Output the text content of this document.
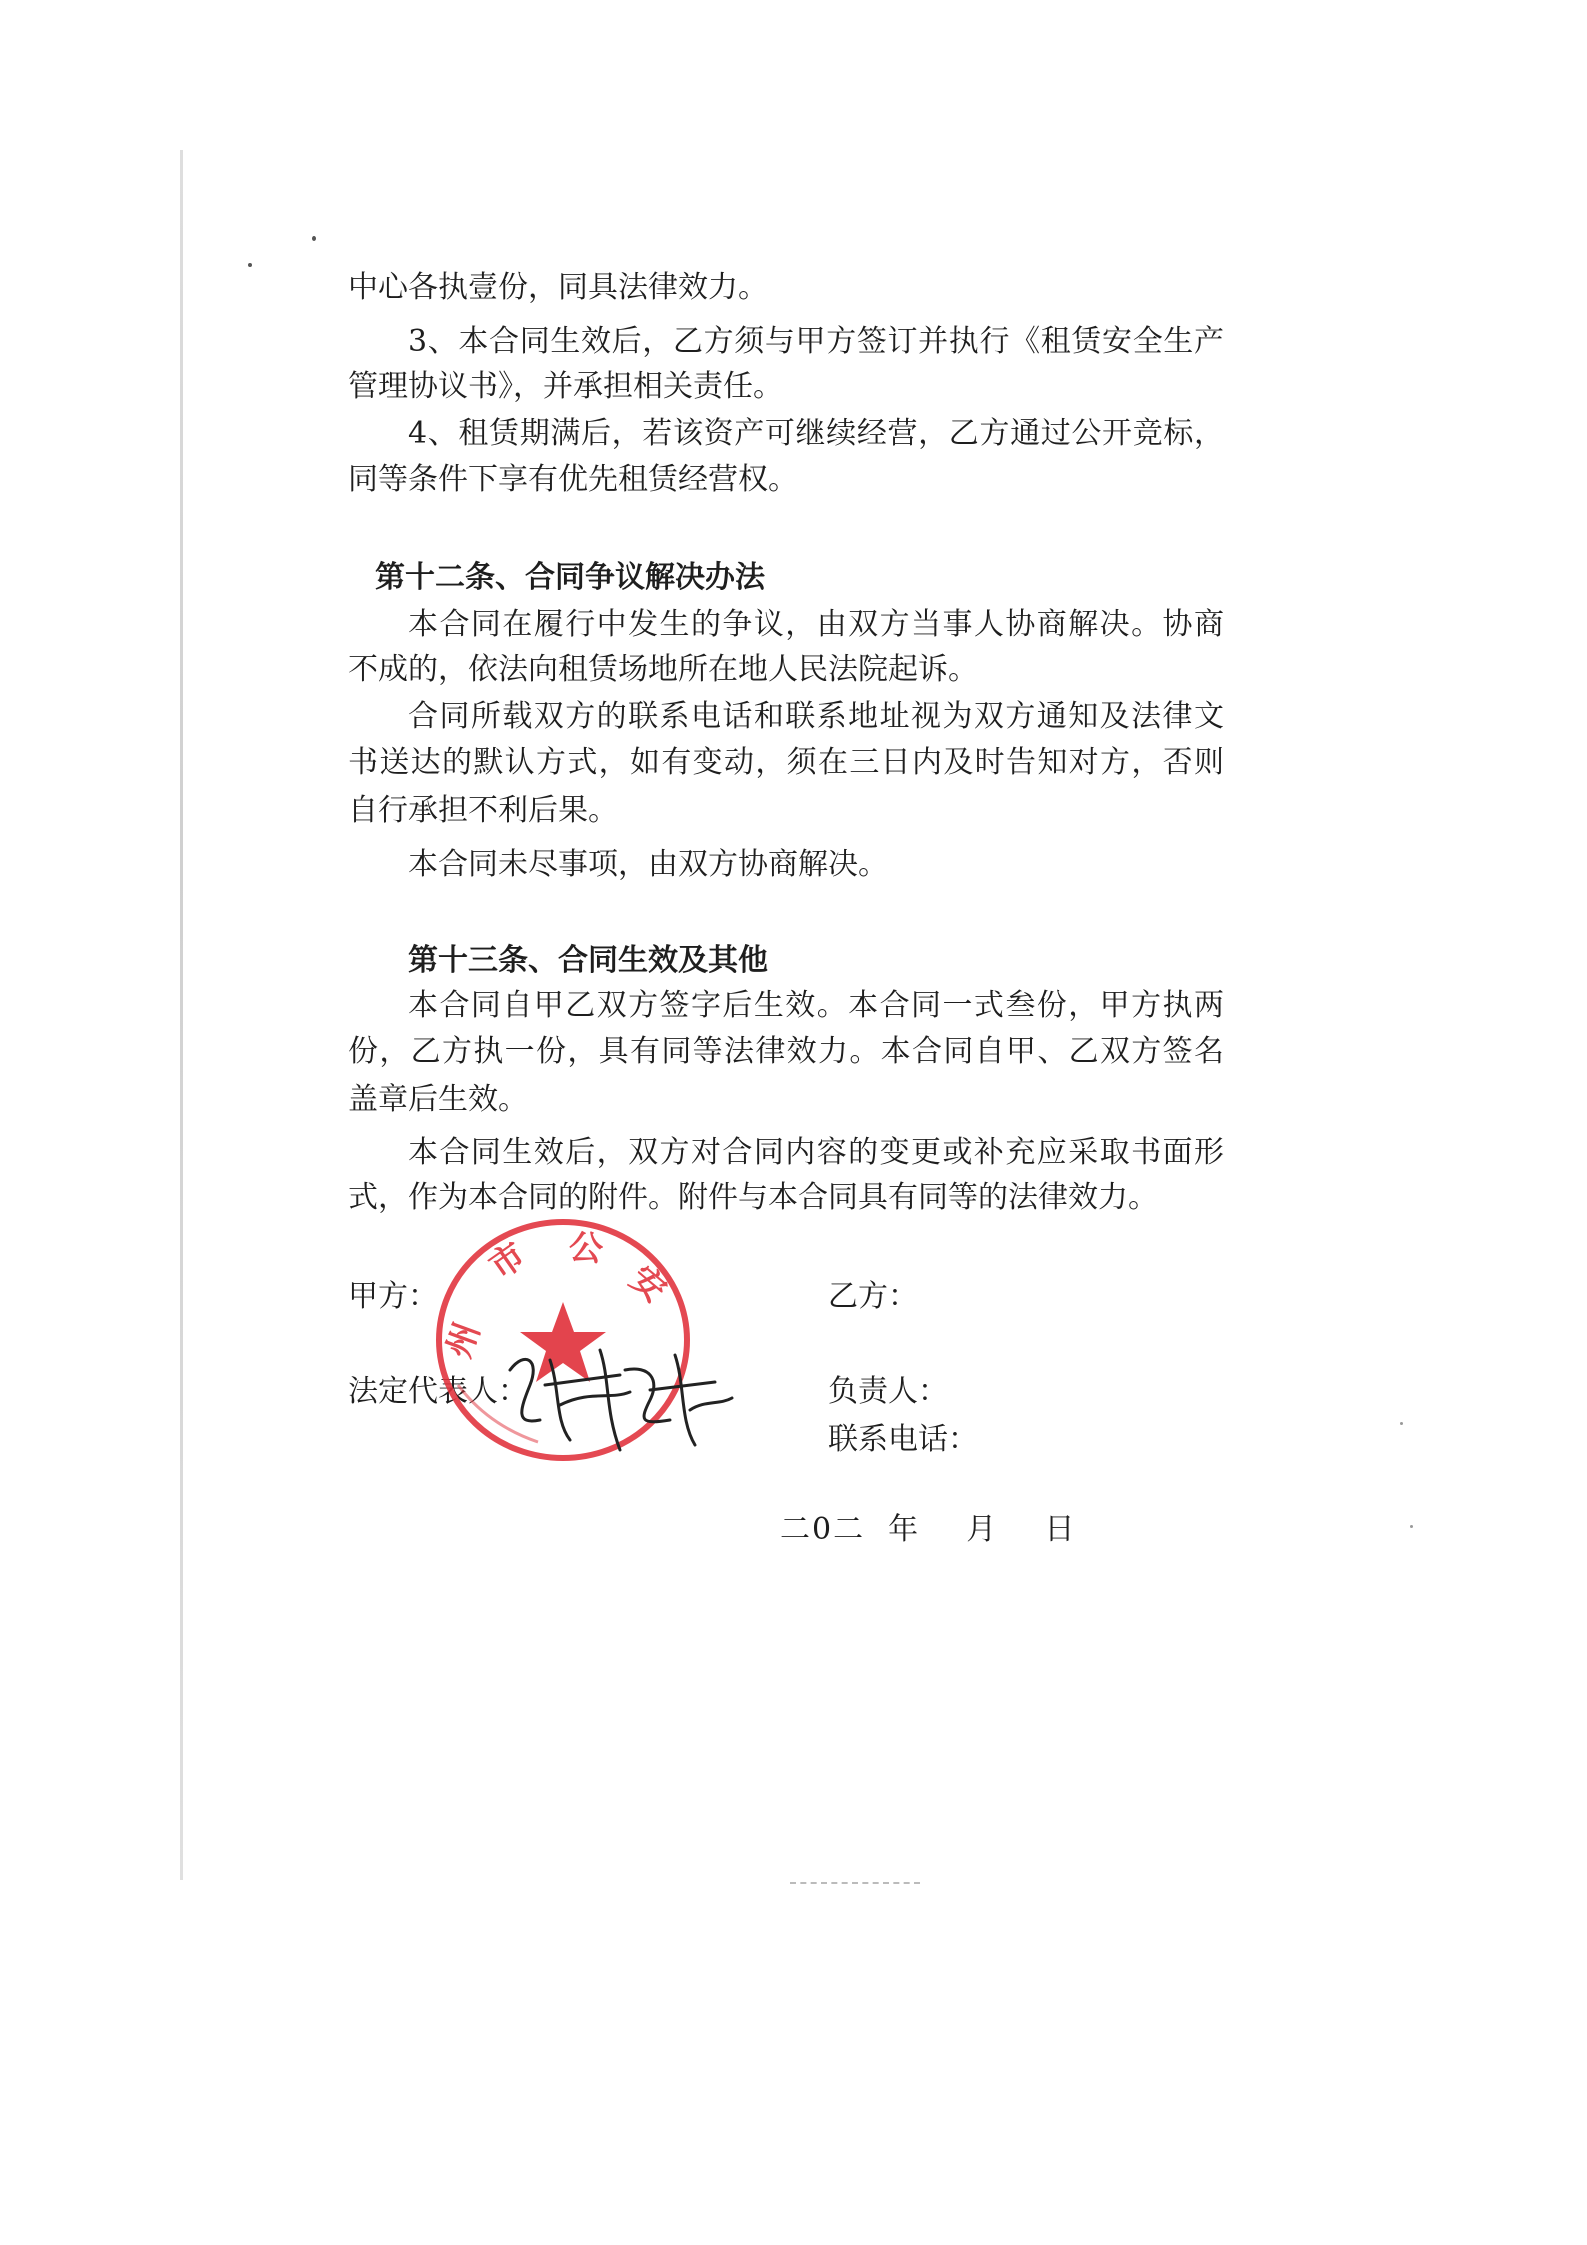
中心各执壹份，同具法律效力。
3、本合同生效后，乙方须与甲方签订并执行《租赁安全生产
管理协议书》，并承担相关责任。
4、租赁期满后，若该资产可继续经营，乙方通过公开竞标，
同等条件下享有优先租赁经营权。
第十二条、合同争议解决办法
本合同在履行中发生的争议，由双方当事人协商解决。协商
不成的，依法向租赁场地所在地人民法院起诉。
合同所载双方的联系电话和联系地址视为双方通知及法律文
书送达的默认方式，如有变动，须在三日内及时告知对方，否则
自行承担不利后果。
本合同未尽事项，由双方协商解决。
第十三条、合同生效及其他
本合同自甲乙双方签字后生效。本合同一式叁份，甲方执两
份，乙方执一份，具有同等法律效力。本合同自甲、乙双方签名
盖章后生效。
本合同生效后，双方对合同内容的变更或补充应采取书面形
式，作为本合同的附件。附件与本合同具有同等的法律效力。
甲方：	乙方：
法定代表人：	负责人：
联系电话：
州
市 公
安
二0二  年    月    日
